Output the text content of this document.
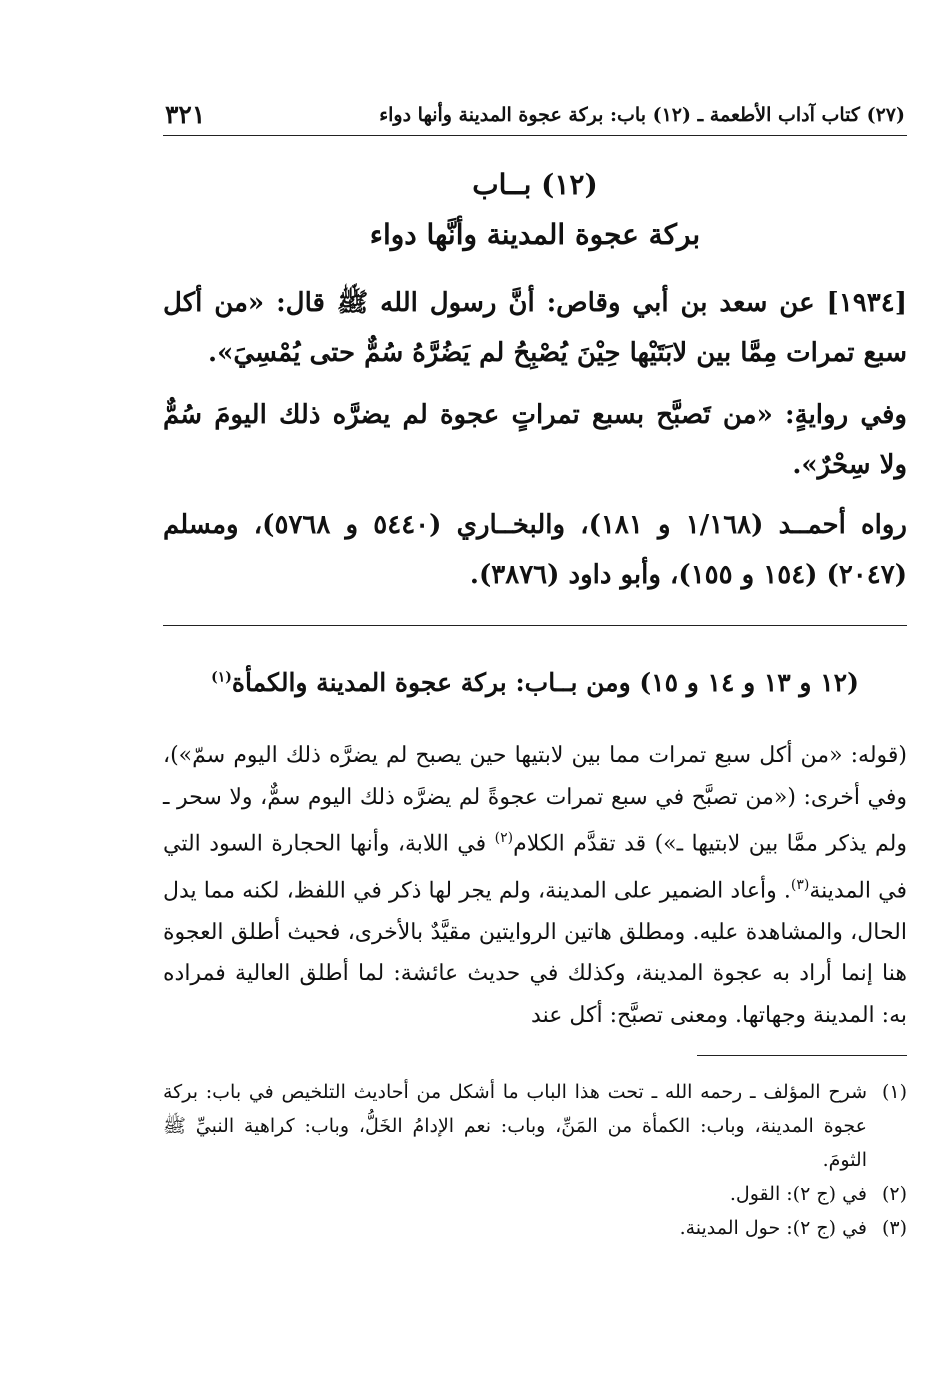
(٢٧) كتاب آداب الأطعمة ـ (١٢) باب: بركة عجوة المدينة وأنها دواء
٣٢١
(١٢) بــاب
بركة عجوة المدينة وأنَّها دواء
[١٩٣٤] عن سعد بن أبي وقاص: أنَّ رسول الله ﷺ قال: «من أكل سبع تمرات مِمَّا بين لابَتَيْها حِيْنَ يُصْبِحُ لم يَضُرَّهُ سُمٌّ حتى يُمْسِيَ».
وفي روايةٍ: «من تَصبَّح بسبع تمراتٍ عجوة لم يضرَّه ذلك اليومَ سُمٌّ ولا سِحْرٌ».
رواه أحمــد (١/١٦٨ و ١٨١)، والبخــاري (٥٤٤٠ و ٥٧٦٨)، ومسلم (٢٠٤٧) (١٥٤ و ١٥٥)، وأبو داود (٣٨٧٦).
(١٢ و ١٣ و ١٤ و ١٥) ومن بــاب: بركة عجوة المدينة والكمأة$^{(١)}$
(قوله: «من أكل سبع تمرات مما بين لابتيها حين يصبح لم يضرَّه ذلك اليوم سمّ»)، وفي أخرى: («من تصبَّح في سبع تمرات عجوةً لم يضرَّه ذلك اليوم سمٌّ، ولا سحر ـ ولم يذكر ممَّا بين لابتيها ـ») قد تقدَّم الكلام$^{(٢)}$ في اللابة، وأنها الحجارة السود التي في المدينة$^{(٣)}$. وأعاد الضمير على المدينة، ولم يجر لها ذكر في اللفظ، لكنه مما يدل الحال، والمشاهدة عليه. ومطلق هاتين الروايتين مقيَّدٌ بالأخرى، فحيث أطلق العجوة هنا إنما أراد به عجوة المدينة، وكذلك في حديث عائشة: لما أطلق العالية فمراده به: المدينة وجهاتها. ومعنى تصبَّح: أكل عند
(١)
شرح المؤلف ـ رحمه الله ـ تحت هذا الباب ما أشكل من أحاديث التلخيص في باب: بركة عجوة المدينة، وباب: الكمأة من المَنِّ، وباب: نعم الإدامُ الخَلُّ، وباب: كراهية النبيِّ ﷺ الثومَ.
(٢)
في (ج ٢): القول.
(٣)
في (ج ٢): حول المدينة.
